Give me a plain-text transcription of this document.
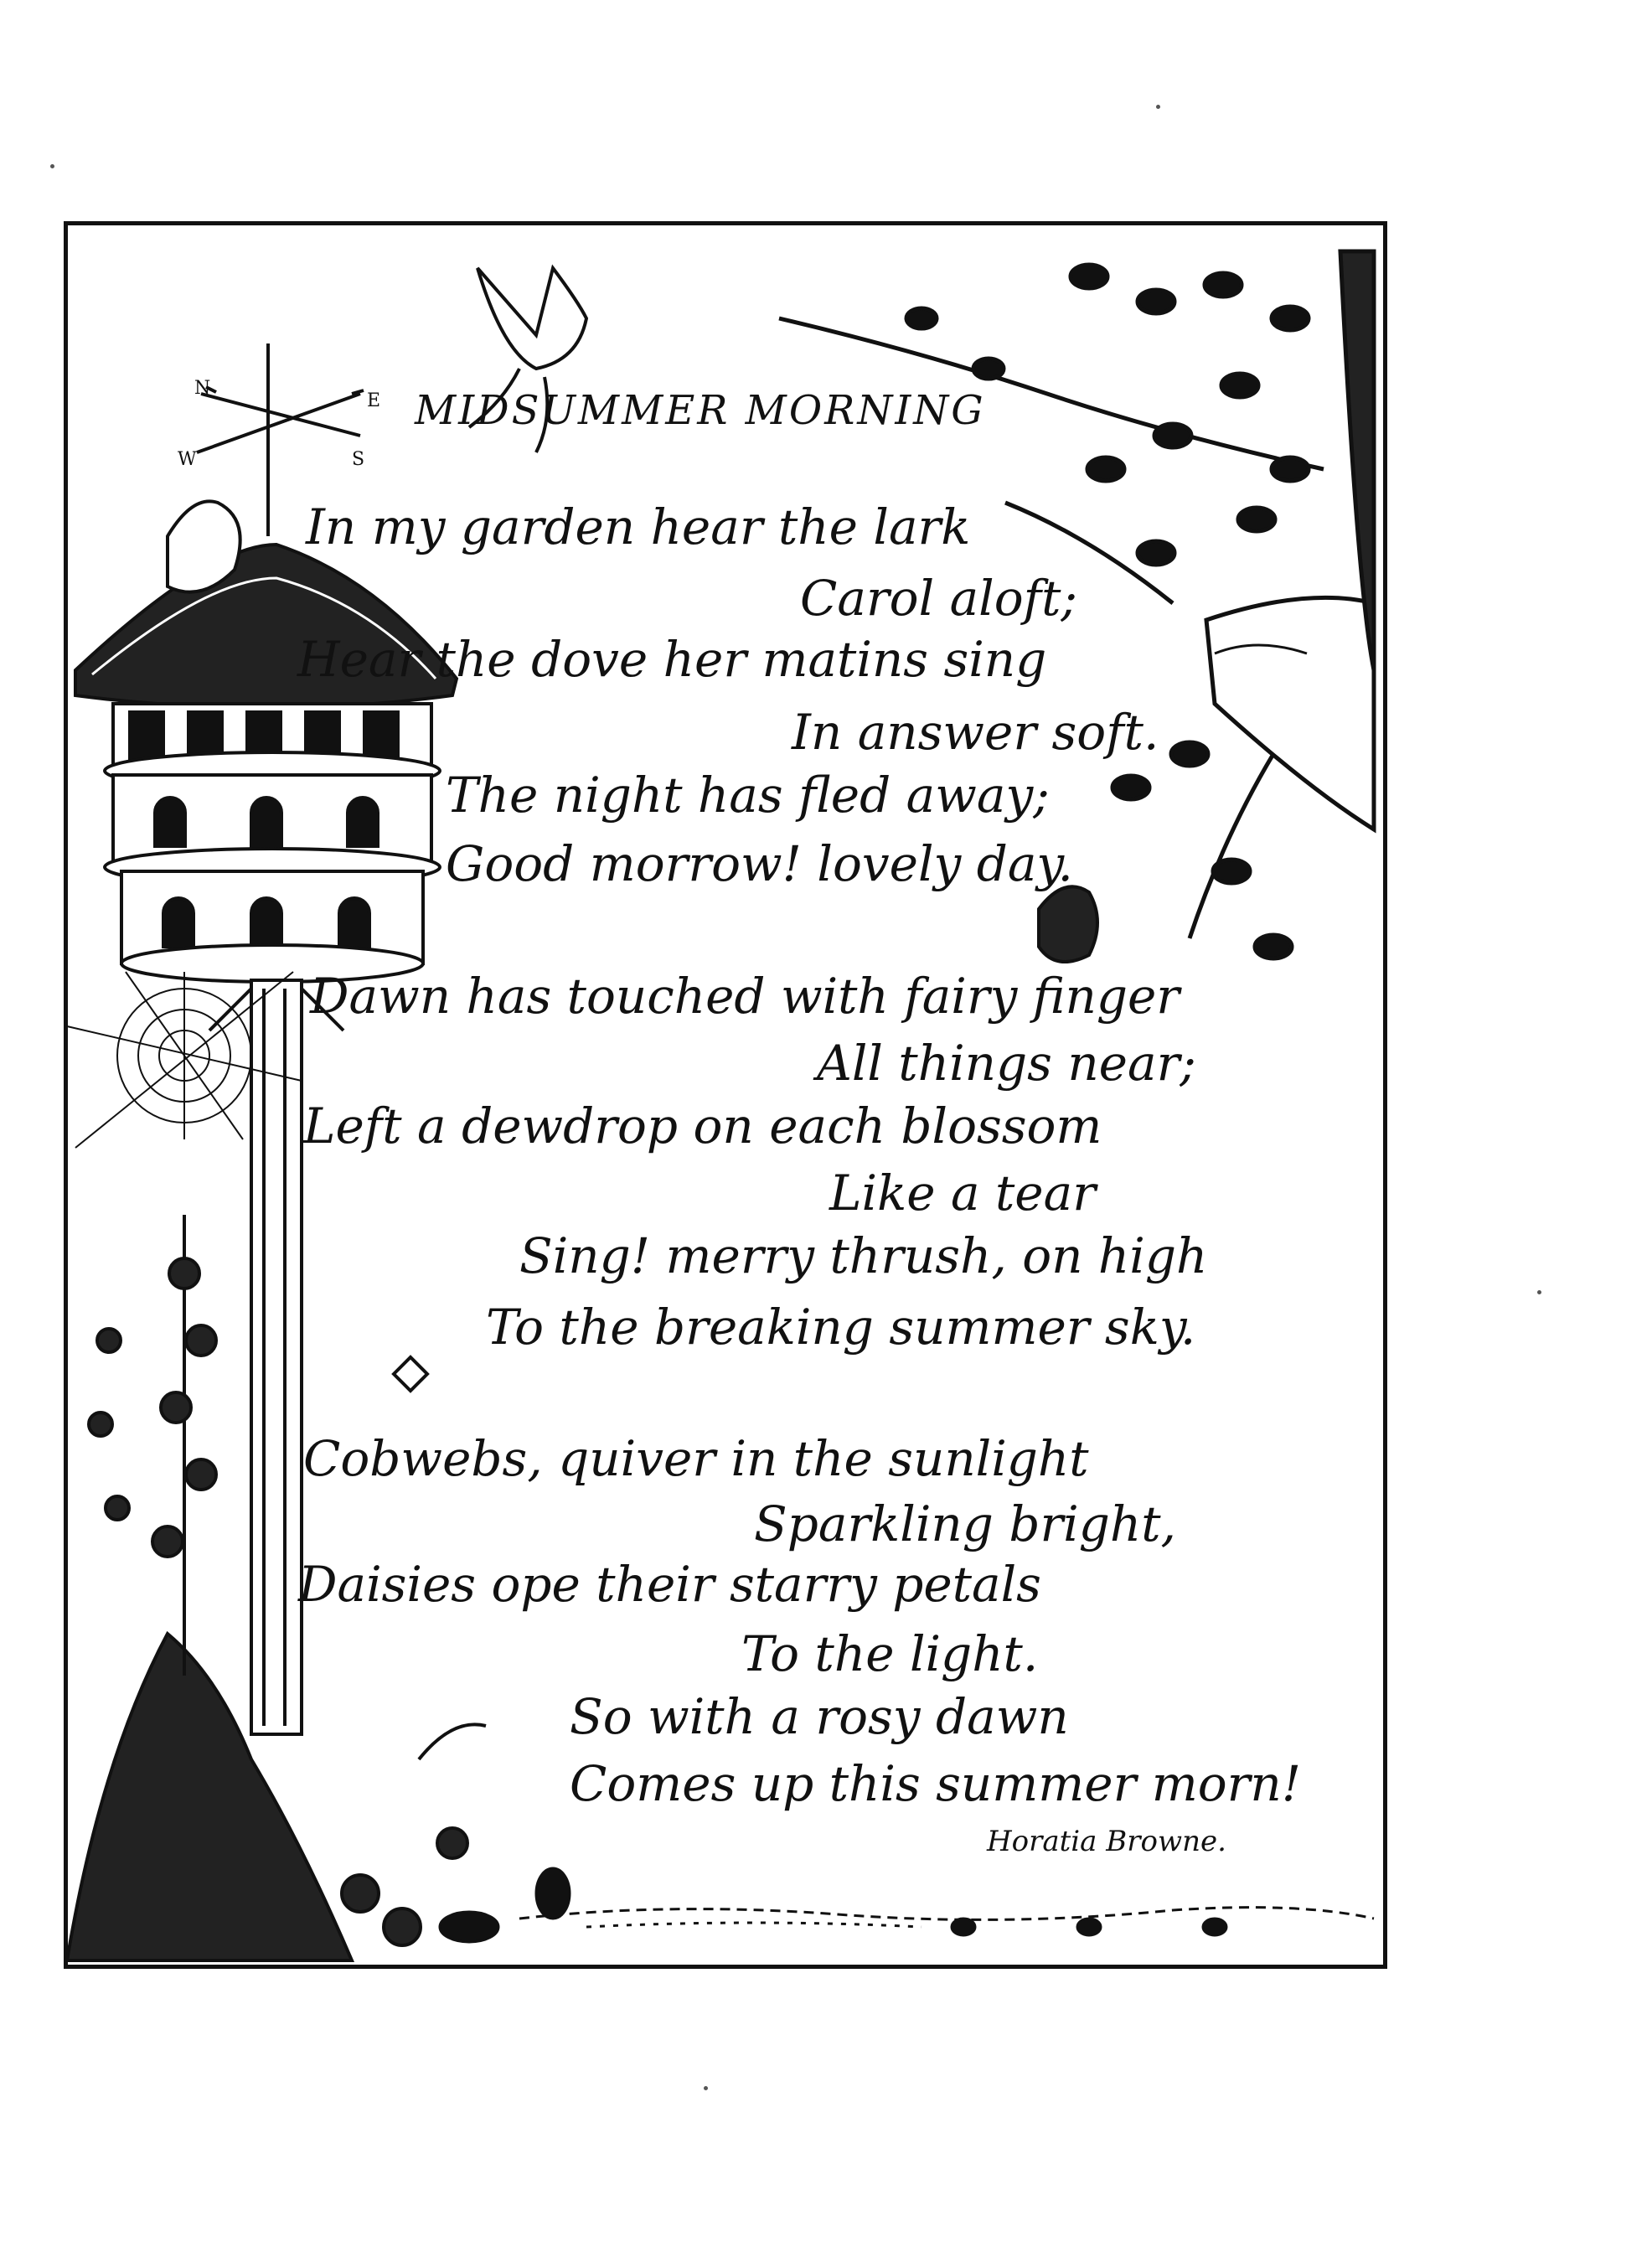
N
E
W	S
MIDSUMMER MORNING
In my garden hear the lark
Carol aloft;
Hear the dove her matins sing
In answer soft.
The night has fled away;
Good morrow! lovely day.
Dawn has touched with fairy finger
All things near;
Left a dewdrop on each blossom
Like a tear
Sing! merry thrush, on high
To the breaking summer sky.
Cobwebs, quiver in the sunlight
Sparkling bright,
Daisies ope their starry petals
To the light.
So with a rosy dawn
Comes up this summer morn!
Horatia Browne.
